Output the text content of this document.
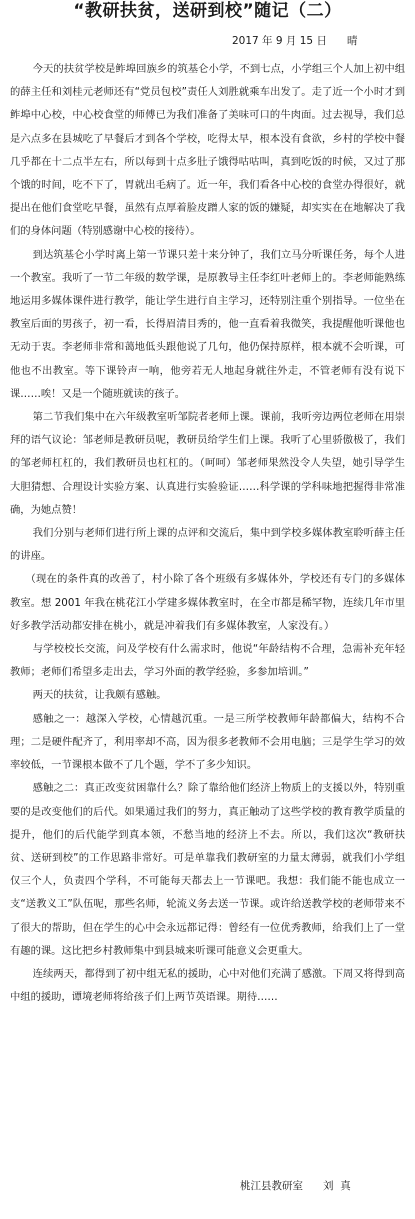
“教研扶贫，送研到校”随记（二）
2017 年 9 月 15 日 晴

今天的扶贫学校是鲊埠回族乡的筑基仑小学，不到七点，小学组三个人加上初中组的薛主任和刘桂元老师还有“党员包校”责任人刘胜就乘车出发了。走了近一个小时才到鲊埠中心校，中心校食堂的师傅已为我们准备了美味可口的牛肉面。过去视导，我们总是六点多在县城吃了早餐后才到各个学校，吃得太早，根本没有食欲，乡村的学校中餐几乎都在十二点半左右，所以每到十点多肚子饿得咕咕叫，真到吃饭的时候，又过了那个饿的时间，吃不下了，胃就出毛病了。近一年，我们看各中心校的食堂办得很好，就提出在他们食堂吃早餐，虽然有点厚着脸皮蹭人家的饭的嫌疑，却实实在在地解决了我们的身体问题（特别感谢中心校的接待）。

到达筑基仑小学时离上第一节课只差十来分钟了，我们立马分听课任务，每个人进一个教室。我听了一节二年级的数学课，是原教导主任李红叶老师上的。李老师能熟练地运用多媒体课件进行教学，能让学生进行自主学习，还特别注重个别指导。一位坐在教室后面的男孩子，初一看，长得眉清目秀的，他一直看着我微笑，我提醒他听课他也无动于衷。李老师非常和蔼地低头跟他说了几句，他仍保持原样，根本就不会听课，可他也不出教室。等下课铃声一响，他旁若无人地起身就往外走，不管老师有没有说下课……唉！又是一个随班就读的孩子。

第二节我们集中在六年级教室听邹院者老师上课。课前，我听旁边两位老师在用崇拜的语气议论：邹老师是教研员呢，教研员给学生们上课。我听了心里骄傲极了，我们的邹老师杠杠的，我们教研员也杠杠的。（呵呵）邹老师果然没令人失望，她引导学生大胆猜想、合理设计实验方案、认真进行实验验证……科学课的学科味地把握得非常准确，为她点赞！

我们分别与老师们进行所上课的点评和交流后，集中到学校多媒体教室聆听薛主任的讲座。

（现在的条件真的改善了，村小除了各个班级有多媒体外，学校还有专门的多媒体教室。想 2001 年我在桃花江小学建多媒体教室时，在全市都是稀罕物，连续几年市里好多教学活动都安排在桃小，就是冲着我们有多媒体教室，人家没有。）

与学校校长交流，问及学校有什么需求时，他说“年龄结构不合理，急需补充年轻教师；老师们希望多走出去，学习外面的教学经验，多参加培训。”

两天的扶贫，让我颇有感触。

感触之一：越深入学校，心情越沉重。一是三所学校教师年龄都偏大，结构不合理；二是硬件配齐了，利用率却不高，因为很多老教师不会用电脑；三是学生学习的效率较低，一节课根本做不了几个题，学不了多少知识。

感触之二：真正改变贫困靠什么？除了靠给他们经济上物质上的支援以外，特别重要的是改变他们的后代。如果通过我们的努力，真正触动了这些学校的教育教学质量的提升，他们的后代能学到真本领，不愁当地的经济上不去。所以，我们这次“教研扶贫、送研到校”的工作思路非常好。可是单靠我们教研室的力量太薄弱，就我们小学组仅三个人，负责四个学科，不可能每天都去上一节课吧。我想：我们能不能也成立一支“送教义工”队伍呢，那些名师，轮流义务去送一节课。或许给送教学校的老师带来不了很大的帮助，但在学生的心中会永远都记得：曾经有一位优秀教师，给我们上了一堂有趣的课。这比把乡村教师集中到县城来听课可能意义会更重大。

连续两天，都得到了初中组无私的援助，心中对他们充满了感激。下周又将得到高中组的援助，谭境老师将给孩子们上两节英语课。期待……

桃江县教研室 刘  真
